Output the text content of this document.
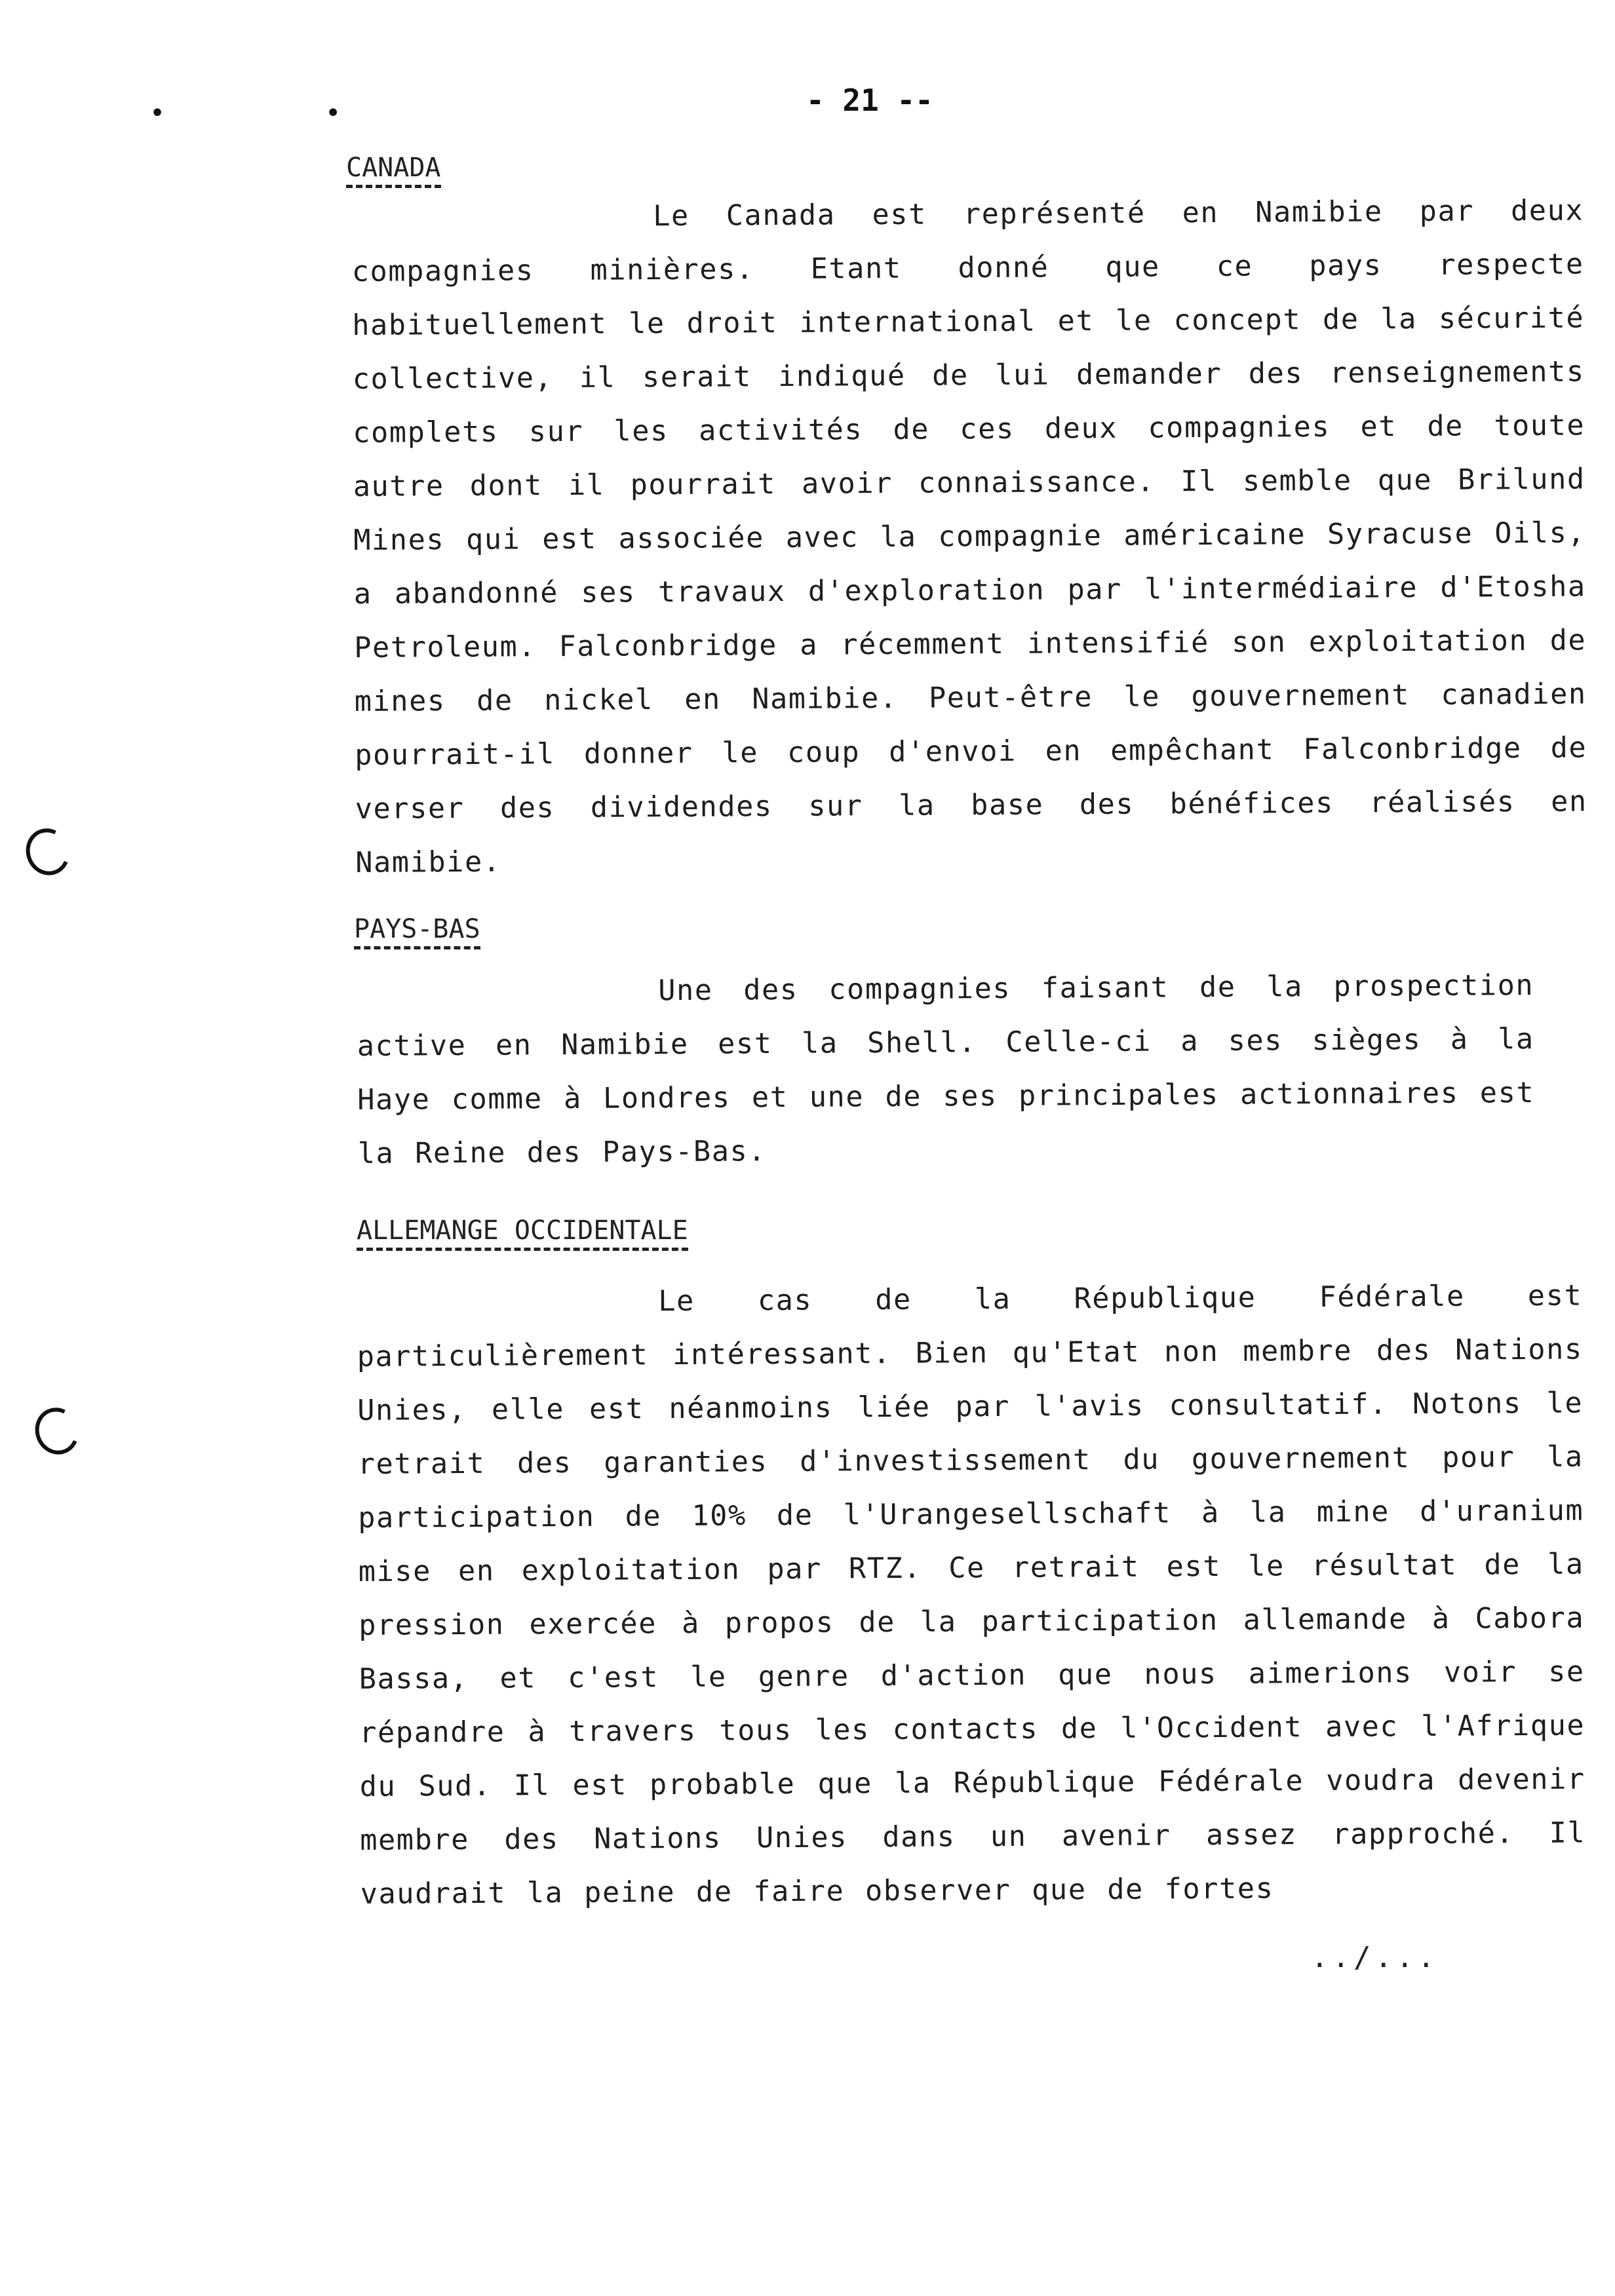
• •	- 21 --
CANADA

Le Canada est représenté en Namibie par deux compagnies minières. Etant donné que ce pays respecte habituellement le droit international et le concept de la sécurité collective, il serait indiqué de lui demander des renseignements complets sur les activités de ces deux compagnies et de toute autre dont il pourrait avoir connaissance. Il semble que Brilund Mines qui est associée avec la compagnie américaine Syracuse Oils, a abandonné ses travaux d'exploration par l'intermédiaire d'Etosha Petroleum. Falconbridge a récemment intensifié son exploitation de mines de nickel en Namibie. Peut-être le gouvernement canadien pourrait-il donner le coup d'envoi en empêchant Falconbridge de verser des dividendes sur la base des bénéfices réalisés en Namibie.

PAYS-BAS

Une des compagnies faisant de la prospection active en Namibie est la Shell. Celle-ci a ses sièges à la Haye comme à Londres et une de ses principales actionnaires est la Reine des Pays-Bas.

ALLEMANGE OCCIDENTALE

Le cas de la République Fédérale est particulièrement intéressant. Bien qu'Etat non membre des Nations Unies, elle est néanmoins liée par l'avis consultatif. Notons le retrait des garanties d'investissement du gouvernement pour la participation de 10% de l'Urangesellschaft à la mine d'uranium mise en exploitation par RTZ. Ce retrait est le résultat de la pression exercée à propos de la participation allemande à Cabora Bassa, et c'est le genre d'action que nous aimerions voir se répandre à travers tous les contacts de l'Occident avec l'Afrique du Sud. Il est probable que la République Fédérale voudra devenir membre des Nations Unies dans un avenir assez rapproché. Il vaudrait la peine de faire observer que de fortes

../...
